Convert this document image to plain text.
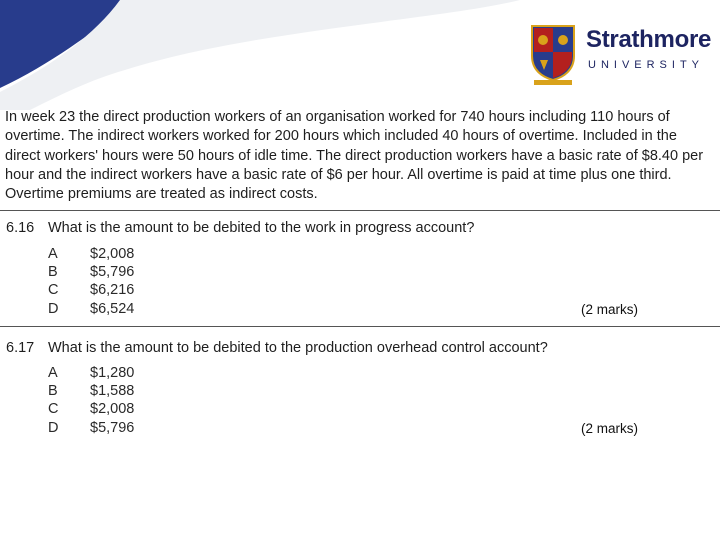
Strathmore
UNIVERSITY
In week 23 the direct production workers of an organisation worked for 740 hours including 110 hours of
overtime. The indirect workers worked for 200 hours which included 40 hours of overtime. Included in the
direct workers' hours were 50 hours of idle time. The direct production workers have a basic rate of $8.40 per
hour and the indirect workers have a basic rate of $6 per hour. All overtime is paid at time plus one third.
Overtime premiums are treated as indirect costs.
6.16 What is the amount to be debited to the work in progress account?
A	$2,008
B	$5,796
C	$6,216
D	$6,524	(2 marks)
6.17 What is the amount to be debited to the production overhead control account?
A	$1,280
B	$1,588
C	$2,008
D	$5,796	(2 marks)
